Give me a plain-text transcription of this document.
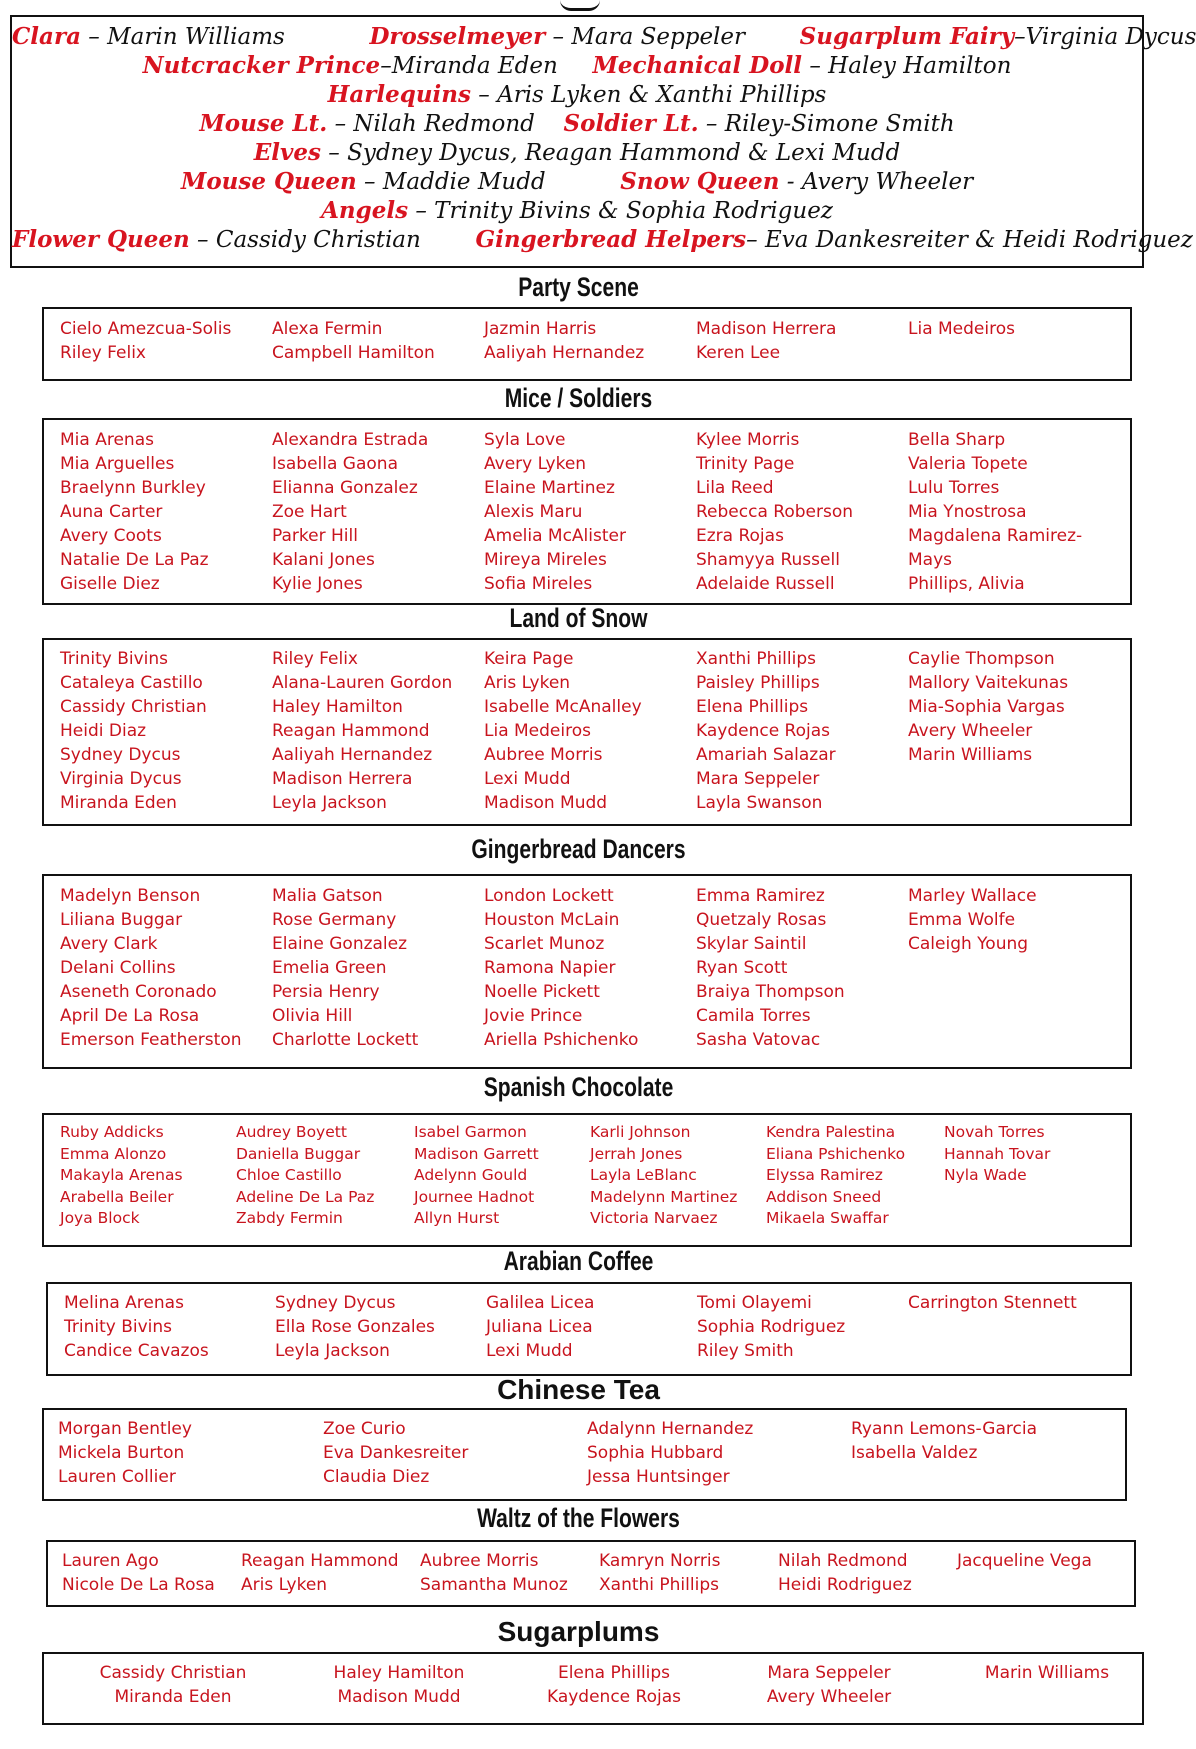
Clara – Marin Williams	Drosselmeyer – Mara Seppeler Sugarplum Fairy–Virginia Dycus
Nutcracker Prince–Miranda Eden Mechanical Doll – Haley Hamilton
Harlequins – Aris Lyken & Xanthi Phillips
Mouse Lt. – Nilah Redmond Soldier Lt. – Riley-Simone Smith
Elves – Sydney Dycus, Reagan Hammond & Lexi Mudd
Mouse Queen – Maddie Mudd	Snow Queen - Avery Wheeler
Angels – Trinity Bivins & Sophia Rodriguez
Flower Queen – Cassidy Christian Gingerbread Helpers– Eva Dankesreiter & Heidi Rodriguez
Party Scene
Mice / Soldiers
Land of Snow
Gingerbread Dancers
Spanish Chocolate
Arabian Coffee
Chinese Tea
Waltz of the Flowers
Sugarplums
Cielo Amezcua-Solis
Riley Felix
Alexa Fermin
Campbell Hamilton
Jazmin Harris
Aaliyah Hernandez
Madison Herrera
Keren Lee
Lia Medeiros
Mia Arenas
Mia Arguelles
Braelynn Burkley
Auna Carter
Avery Coots
Natalie De La Paz
Giselle Diez
Alexandra Estrada
Isabella Gaona
Elianna Gonzalez
Zoe Hart
Parker Hill
Kalani Jones
Kylie Jones
Syla Love
Avery Lyken
Elaine Martinez
Alexis Maru
Amelia McAlister
Mireya Mireles
Sofia Mireles
Kylee Morris
Trinity Page
Lila Reed
Rebecca Roberson
Ezra Rojas
Shamyya Russell
Adelaide Russell
Bella Sharp
Valeria Topete
Lulu Torres
Mia Ynostrosa
Magdalena Ramirez-
Mays
Phillips, Alivia
Trinity Bivins
Cataleya Castillo
Cassidy Christian
Heidi Diaz
Sydney Dycus
Virginia Dycus
Miranda Eden
Riley Felix
Alana-Lauren Gordon
Haley Hamilton
Reagan Hammond
Aaliyah Hernandez
Madison Herrera
Leyla Jackson
Keira Page
Aris Lyken
Isabelle McAnalley
Lia Medeiros
Aubree Morris
Lexi Mudd
Madison Mudd
Xanthi Phillips
Paisley Phillips
Elena Phillips
Kaydence Rojas
Amariah Salazar
Mara Seppeler
Layla Swanson
Caylie Thompson
Mallory Vaitekunas
Mia-Sophia Vargas
Avery Wheeler
Marin Williams
Madelyn Benson
Liliana Buggar
Avery Clark
Delani Collins
Aseneth Coronado
April De La Rosa
Emerson Featherston
Malia Gatson
Rose Germany
Elaine Gonzalez
Emelia Green
Persia Henry
Olivia Hill
Charlotte Lockett
London Lockett
Houston McLain
Scarlet Munoz
Ramona Napier
Noelle Pickett
Jovie Prince
Ariella Pshichenko
Emma Ramirez
Quetzaly Rosas
Skylar Saintil
Ryan Scott
Braiya Thompson
Camila Torres
Sasha Vatovac
Marley Wallace
Emma Wolfe
Caleigh Young
Ruby Addicks
Emma Alonzo
Makayla Arenas
Arabella Beiler
Joya Block
Audrey Boyett
Daniella Buggar
Chloe Castillo
Adeline De La Paz
Zabdy Fermin
Isabel Garmon
Madison Garrett
Adelynn Gould
Journee Hadnot
Allyn Hurst
Karli Johnson
Jerrah Jones
Layla LeBlanc
Madelynn Martinez
Victoria Narvaez
Kendra Palestina
Eliana Pshichenko
Elyssa Ramirez
Addison Sneed
Mikaela Swaffar
Novah Torres
Hannah Tovar
Nyla Wade
Melina Arenas
Trinity Bivins
Candice Cavazos
Sydney Dycus
Ella Rose Gonzales
Leyla Jackson
Galilea Licea
Juliana Licea
Lexi Mudd
Tomi Olayemi
Sophia Rodriguez
Riley Smith
Carrington Stennett
Morgan Bentley
Mickela Burton
Lauren Collier
Zoe Curio
Eva Dankesreiter
Claudia Diez
Adalynn Hernandez
Sophia Hubbard
Jessa Huntsinger
Ryann Lemons-Garcia
Isabella Valdez
Lauren Ago
Nicole De La Rosa
Reagan Hammond
Aris Lyken
Aubree Morris
Samantha Munoz
Kamryn Norris
Xanthi Phillips
Nilah Redmond
Heidi Rodriguez
Jacqueline Vega
Cassidy Christian
Miranda Eden
Haley Hamilton
Madison Mudd
Elena Phillips
Kaydence Rojas
Mara Seppeler
Avery Wheeler
Marin Williams
